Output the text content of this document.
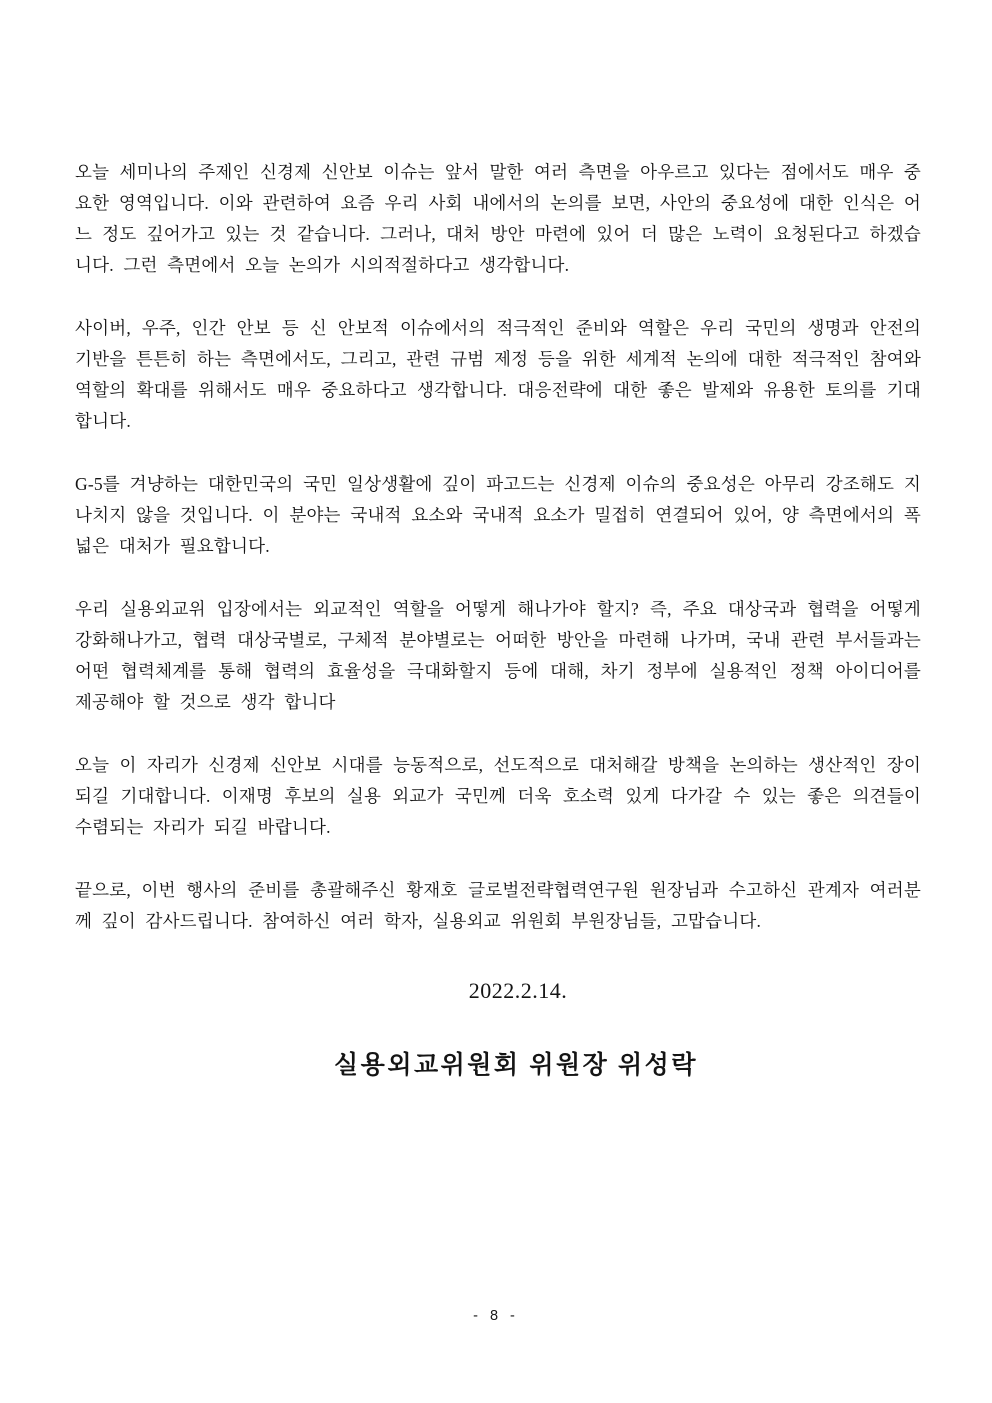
오늘 세미나의 주제인 신경제 신안보 이슈는 앞서 말한 여러 측면을 아우르고 있다는 점에서도 매우 중요한 영역입니다. 이와 관련하여 요즘 우리 사회 내에서의 논의를 보면, 사안의 중요성에 대한 인식은 어느 정도 깊어가고 있는 것 같습니다. 그러나, 대처 방안 마련에 있어 더 많은 노력이 요청된다고 하겠습니다. 그런 측면에서 오늘 논의가 시의적절하다고 생각합니다.

사이버, 우주, 인간 안보 등 신 안보적 이슈에서의 적극적인 준비와 역할은 우리 국민의 생명과 안전의 기반을 튼튼히 하는 측면에서도, 그리고, 관련 규범 제정 등을 위한 세계적 논의에 대한 적극적인 참여와 역할의 확대를 위해서도 매우 중요하다고 생각합니다. 대응전략에 대한 좋은 발제와 유용한 토의를 기대합니다.

G-5를 겨냥하는 대한민국의 국민 일상생활에 깊이 파고드는 신경제 이슈의 중요성은 아무리 강조해도 지나치지 않을 것입니다. 이 분야는 국내적 요소와 국내적 요소가 밀접히 연결되어 있어, 양 측면에서의 폭넓은 대처가 필요합니다.

우리 실용외교위 입장에서는 외교적인 역할을 어떻게 해나가야 할지? 즉, 주요 대상국과 협력을 어떻게 강화해나가고, 협력 대상국별로, 구체적 분야별로는 어떠한 방안을 마련해 나가며, 국내 관련 부서들과는 어떤 협력체계를 통해 협력의 효율성을 극대화할지 등에 대해, 차기 정부에 실용적인 정책 아이디어를 제공해야 할 것으로 생각 합니다

오늘 이 자리가 신경제 신안보 시대를 능동적으로, 선도적으로 대처해갈 방책을 논의하는 생산적인 장이 되길 기대합니다. 이재명 후보의 실용 외교가 국민께 더욱 호소력 있게 다가갈 수 있는 좋은 의견들이 수렴되는 자리가 되길 바랍니다.

끝으로, 이번 행사의 준비를 총괄해주신 황재호 글로벌전략협력연구원 원장님과 수고하신 관계자 여러분께 깊이 감사드립니다. 참여하신 여러 학자, 실용외교 위원회 부원장님들, 고맙습니다.

2022.2.14.
실용외교위원회 위원장 위성락
- 8 -
